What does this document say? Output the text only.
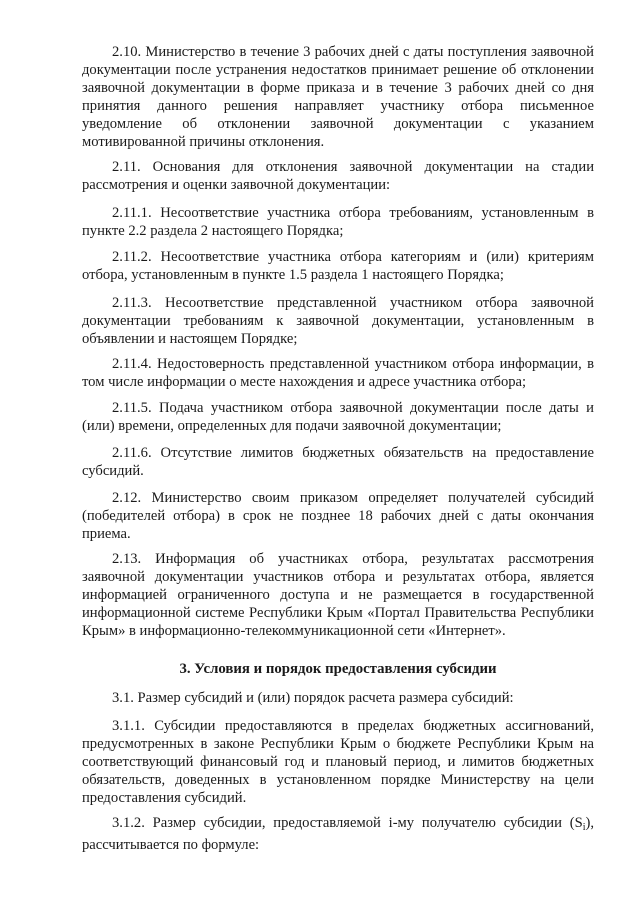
2.10. Министерство в течение 3 рабочих дней с даты поступления заявочной документации после устранения недостатков принимает решение об отклонении заявочной документации в форме приказа и в течение 3 рабочих дней со дня принятия данного решения направляет участнику отбора письменное уведомление об отклонении заявочной документации с указанием мотивированной причины отклонения.

2.11. Основания для отклонения заявочной документации на стадии рассмотрения и оценки заявочной документации:

2.11.1. Несоответствие участника отбора требованиям, установленным в пункте 2.2 раздела 2 настоящего Порядка;

2.11.2. Несоответствие участника отбора категориям и (или) критериям отбора, установленным в пункте 1.5 раздела 1 настоящего Порядка;

2.11.3. Несоответствие представленной участником отбора заявочной документации требованиям к заявочной документации, установленным в объявлении и настоящем Порядке;

2.11.4. Недостоверность представленной участником отбора информации, в том числе информации о месте нахождения и адресе участника отбора;

2.11.5. Подача участником отбора заявочной документации после даты и (или) времени, определенных для подачи заявочной документации;

2.11.6. Отсутствие лимитов бюджетных обязательств на предоставление субсидий.

2.12. Министерство своим приказом определяет получателей субсидий (победителей отбора) в срок не позднее 18 рабочих дней с даты окончания приема.

2.13. Информация об участниках отбора, результатах рассмотрения заявочной документации участников отбора и результатах отбора, является информацией ограниченного доступа и не размещается в государственной информационной системе Республики Крым «Портал Правительства Республики Крым» в информационно-телекоммуникационной сети «Интернет».

3. Условия и порядок предоставления субсидии

3.1. Размер субсидий и (или) порядок расчета размера субсидий:

3.1.1. Субсидии предоставляются в пределах бюджетных ассигнований, предусмотренных в законе Республики Крым о бюджете Республики Крым на соответствующий финансовый год и плановый период, и лимитов бюджетных обязательств, доведенных в установленном порядке Министерству на цели предоставления субсидий.

3.1.2. Размер субсидии, предоставляемой i-му получателю субсидии $(S_i)$, рассчитывается по формуле:
